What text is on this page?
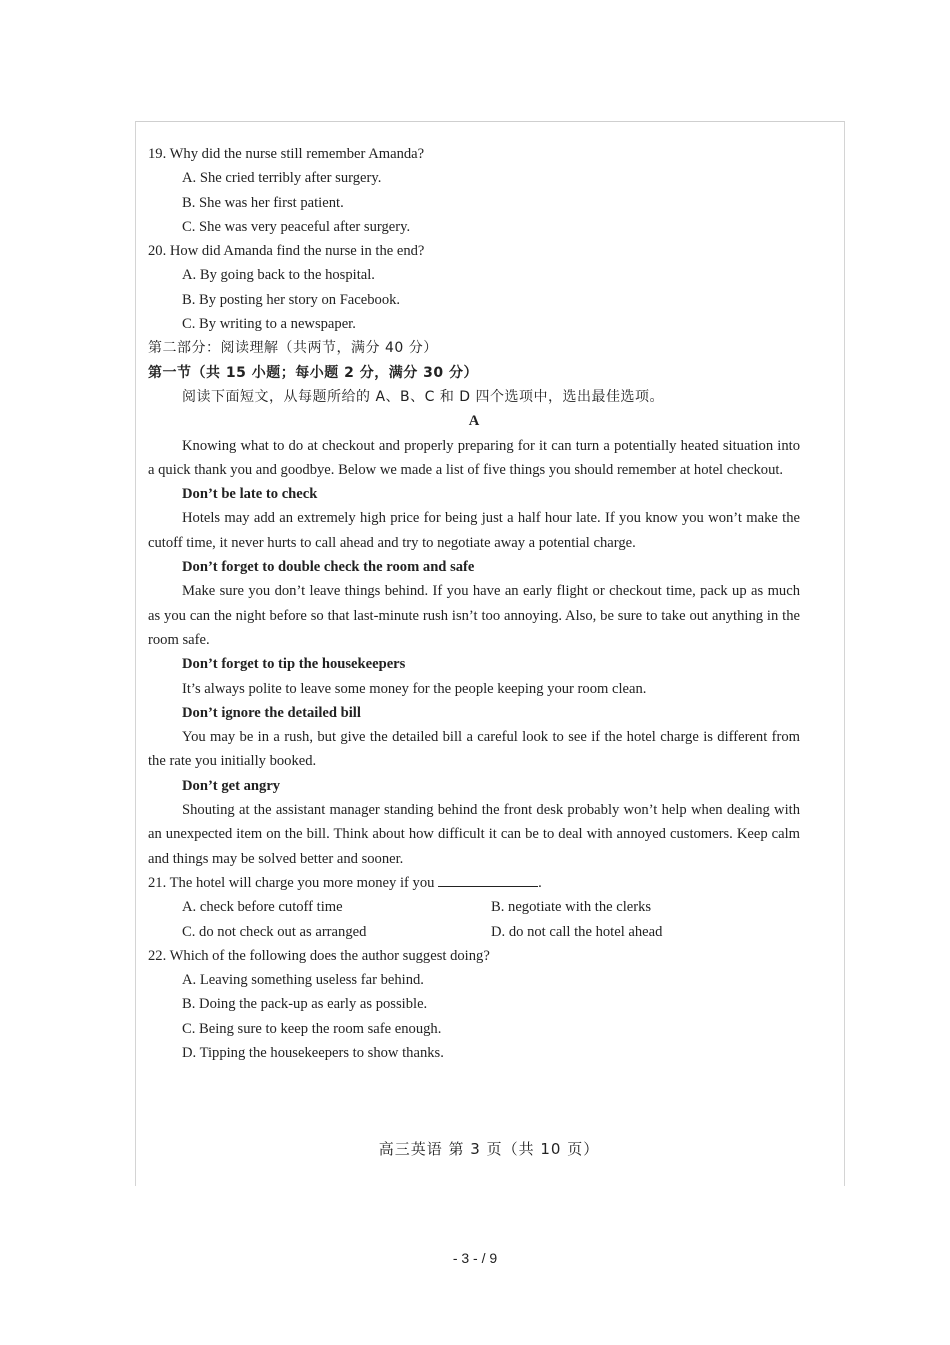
19. Why did the nurse still remember Amanda?
A. She cried terribly after surgery.
B. She was her first patient.
C. She was very peaceful after surgery.
20. How did Amanda find the nurse in the end?
A. By going back to the hospital.
B. By posting her story on Facebook.
C. By writing to a newspaper.
第二部分：阅读理解（共两节，满分 40 分）
第一节（共 15 小题；每小题 2 分，满分 30 分）
阅读下面短文，从每题所给的 A、B、C 和 D 四个选项中，选出最佳选项。
A
Knowing what to do at checkout and properly preparing for it can turn a potentially heated situation into a quick thank you and goodbye. Below we made a list of five things you should remember at hotel checkout.
Don’t be late to check
Hotels may add an extremely high price for being just a half hour late. If you know you won’t make the cutoff time, it never hurts to call ahead and try to negotiate away a potential charge.
Don’t forget to double check the room and safe
Make sure you don’t leave things behind. If you have an early flight or checkout time, pack up as much as you can the night before so that last-minute rush isn’t too annoying. Also, be sure to take out anything in the room safe.
Don’t forget to tip the housekeepers
It’s always polite to leave some money for the people keeping your room clean.
Don’t ignore the detailed bill
You may be in a rush, but give the detailed bill a careful look to see if the hotel charge is different from the rate you initially booked.
Don’t get angry
Shouting at the assistant manager standing behind the front desk probably won’t help when dealing with an unexpected item on the bill. Think about how difficult it can be to deal with annoyed customers. Keep calm and things may be solved better and sooner.
21. The hotel will charge you more money if you	.
A. check before cutoff time	B. negotiate with the clerks
C. do not check out as arranged	D. do not call the hotel ahead
22. Which of the following does the author suggest doing?
A. Leaving something useless far behind.
B. Doing the pack-up as early as possible.
C. Being sure to keep the room safe enough.
D. Tipping the housekeepers to show thanks.
高三英语 第 3 页（共 10 页）
- 3 - / 9
